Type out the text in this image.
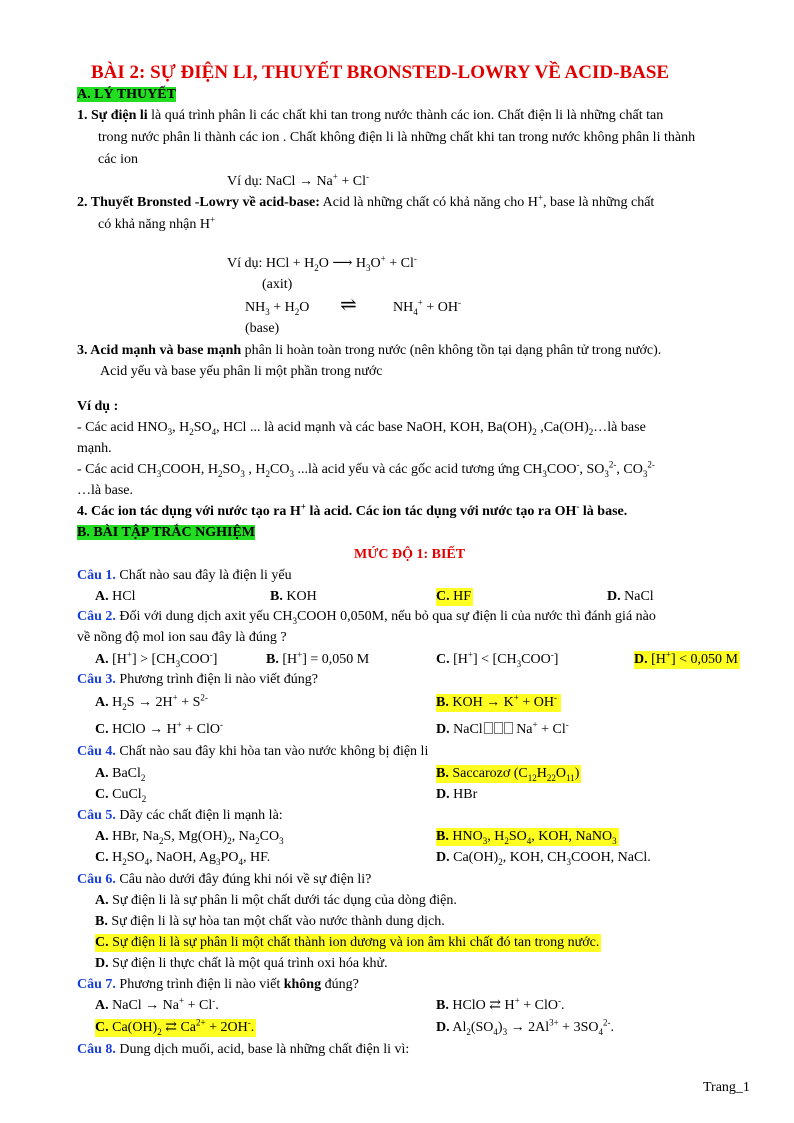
BÀI 2: SỰ ĐIỆN LI, THUYẾT BRONSTED-LOWRY VỀ ACID-BASE
A. LÝ THUYẾT
1. Sự điện li là quá trình phân li các chất khi tan trong nước thành các ion. Chất điện li là những chất tan
trong nước phân li thành các ion . Chất không điện li là những chất khi tan trong nước không phân li thành
các ion
Ví dụ: NaCl → Na+ + Cl-
2. Thuyết Bronsted -Lowry về acid-base: Acid là những chất có khả năng cho H+, base là những chất
có khả năng nhận H+
Ví dụ: HCl + $H_2O$ ⟶ $H_3O^+ + Cl^-$
(axit)
$NH_3 + H_2O$ ⇌	$NH_4^+ + OH^-$
(base)
3. Acid mạnh và base mạnh phân li hoàn toàn trong nước (nên không tồn tại dạng phân tử trong nước).
Acid yếu và base yếu phân li một phần trong nước
Ví dụ :
- Các acid $HNO_3$, $H_2SO_4$, HCl ... là acid mạnh và các base NaOH, KOH, $Ba(OH)_2$ $,Ca(OH)_2\dots là$ base
mạnh.
- Các acid $CH_3COOH$, $H_2SO_3$ , $H_2CO_3$ ...là acid yếu và các gốc acid tương ứng $CH_3COO^-$, $SO_3^{2-}$, $CO_3^{2-}$
…là base.
4. Các ion tác dụng với nước tạo ra H+ là acid. Các ion tác dụng với nước tạo ra OH- là base.
B. BÀI TẬP TRẮC NGHIỆM
MỨC ĐỘ 1: BIẾT
Câu 1. Chất nào sau đây là điện li yếu
A. HCl	B. KOH	C. HF	D. NaCl
Câu 2. Đối với dung dịch axit yếu $CH_3COOH$ 0,050M, nếu bỏ qua sự điện li của nước thì đánh giá nào
về nồng độ mol ion sau đây là đúng ?
A. $[H^+] > [CH_3COO^-]$	B. [H+] = 0,050 M	C. $[H^+] < [CH_3COO^-]$	D. [H+] < 0,050 M
Câu 3. Phương trình điện li nào viết đúng?
A. $H_2S \to 2H^+ + S^{2-}$	B. KOH → K+ + OH-
C. HClO → H+ + ClO-	D. NaCl Na+ + Cl-
Câu 4. Chất nào sau đây khi hòa tan vào nước không bị điện li
A. BaCl$_2$	B. Saccarozơ $(C_{12}H_{22}O_{11})$
C. CuCl$_2$	D. HBr
Câu 5. Dãy các chất điện li mạnh là:
A. HBr, $Na_2S$, $Mg(OH)_2$, $Na_2CO_3$	B. $HNO_3$, $H_2SO_4$, KOH, NaNO$_3$
C. $H_2SO_4$, NaOH, $Ag_3PO_4$, HF.	D. $Ca(OH)_2$, KOH, $CH_3COOH$, NaCl.
Câu 6. Câu nào dưới đây đúng khi nói về sự điện li?
A. Sự điện li là sự phân li một chất dưới tác dụng của dòng điện.
B. Sự điện li là sự hòa tan một chất vào nước thành dung dịch.
C. Sự điện li là sự phân li một chất thành ion dương và ion âm khi chất đó tan trong nước.
D. Sự điện li thực chất là một quá trình oxi hóa khử.
Câu 7. Phương trình điện li nào viết không đúng?
A. NaCl → Na+ + Cl-.	B. HClO ⇄ H+ + ClO-.
C. $Ca(OH)_2$ ⇄ $Ca^{2+} + 2OH^-$.	D. $Al_2(SO_4)_3 \to 2Al^{3+} + 3SO_4^{2-}$.
Câu 8. Dung dịch muối, acid, base là những chất điện li vì:
Trang_1
